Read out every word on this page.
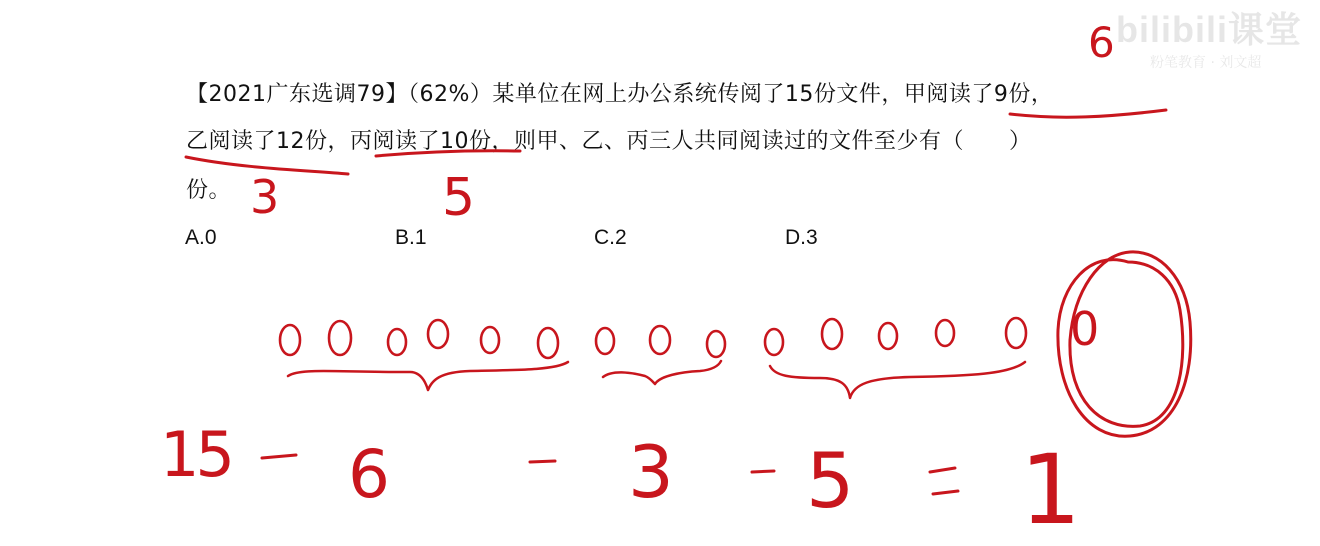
bilibili课堂
粉笔教育 · 刘文超
【2021广东选调79】（62%）某单位在网上办公系统传阅了15份文件，甲阅读了9份，
乙阅读了12份，丙阅读了10份，则甲、乙、丙三人共同阅读过的文件至少有（　　）
份。
A.0	B.1	C.2	D.3
6
3	5
0
15 6	3 5 1
